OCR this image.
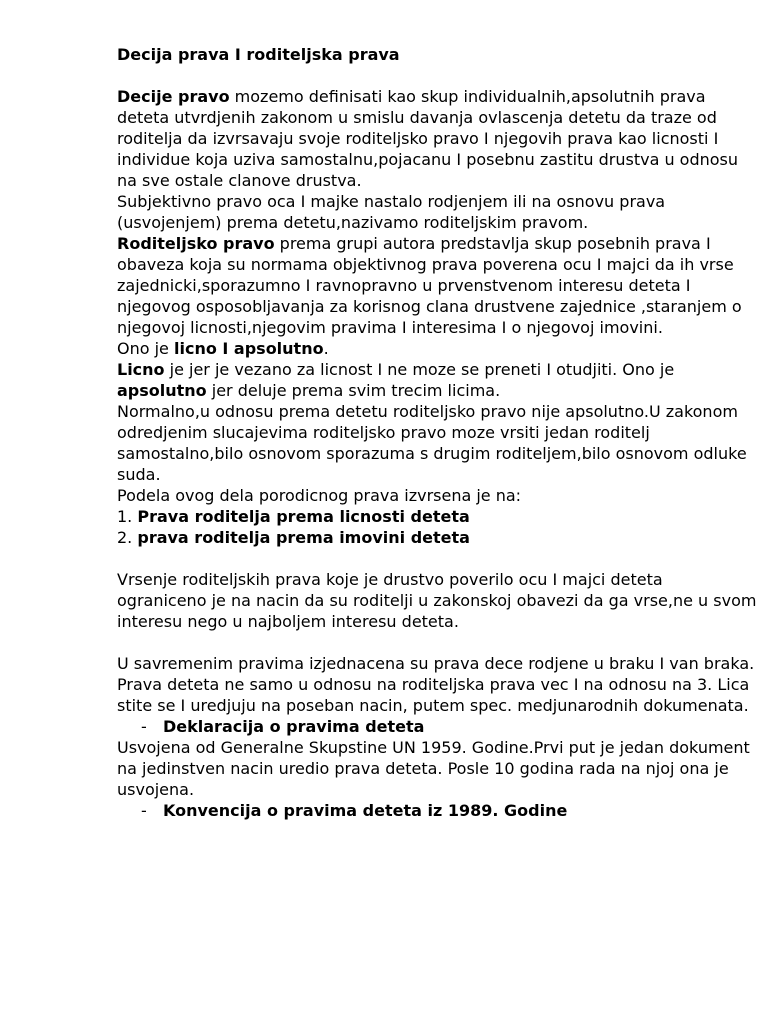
Decija prava I roditeljska prava

Decije pravo mozemo definisati kao skup individualnih,apsolutnih prava deteta utvrdjenih zakonom u smislu davanja ovlascenja detetu da traze od roditelja da izvrsavaju svoje roditeljsko pravo I njegovih prava kao licnosti I individue koja uziva samostalnu,pojacanu I posebnu zastitu drustva u odnosu na sve ostale clanove drustva.

Subjektivno pravo oca I majke nastalo rodjenjem ili na osnovu prava (usvojenjem) prema detetu,nazivamo roditeljskim pravom.

Roditeljsko pravo prema grupi autora predstavlja skup posebnih prava I obaveza koja su normama objektivnog prava poverena ocu I majci da ih vrse zajednicki,sporazumno I ravnopravno u prvenstvenom interesu deteta I njegovog osposobljavanja za korisnog clana drustvene zajednice ,staranjem o njegovoj licnosti,njegovim pravima I interesima I o njegovoj imovini.

Ono je licno I apsolutno.

Licno je jer je vezano za licnost I ne moze se preneti I otudjiti. Ono je apsolutno jer deluje prema svim trecim licima.

Normalno,u odnosu prema detetu roditeljsko pravo nije apsolutno.U zakonom odredjenim slucajevima roditeljsko pravo moze vrsiti jedan roditelj samostalno,bilo osnovom sporazuma s drugim roditeljem,bilo osnovom odluke suda.

Podela ovog dela porodicnog prava izvrsena je na:

1. Prava roditelja prema licnosti deteta

2. prava roditelja prema imovini deteta

Vrsenje roditeljskih prava koje je drustvo poverilo ocu I majci deteta ograniceno je na nacin da su roditelji u zakonskoj obavezi da ga vrse,ne u svom interesu nego u najboljem interesu deteta.

U savremenim pravima izjednacena su prava dece rodjene u braku I van braka. Prava deteta ne samo u odnosu na roditeljska prava vec I na odnosu na 3. Lica stite se I uredjuju na poseban nacin, putem spec. medjunarodnih dokumenata.

-	Deklaracija o pravima deteta

Usvojena od Generalne Skupstine UN 1959. Godine.Prvi put je jedan dokument na jedinstven nacin uredio prava deteta. Posle 10 godina rada na njoj ona je usvojena.

-	Konvencija o pravima deteta iz 1989. Godine
